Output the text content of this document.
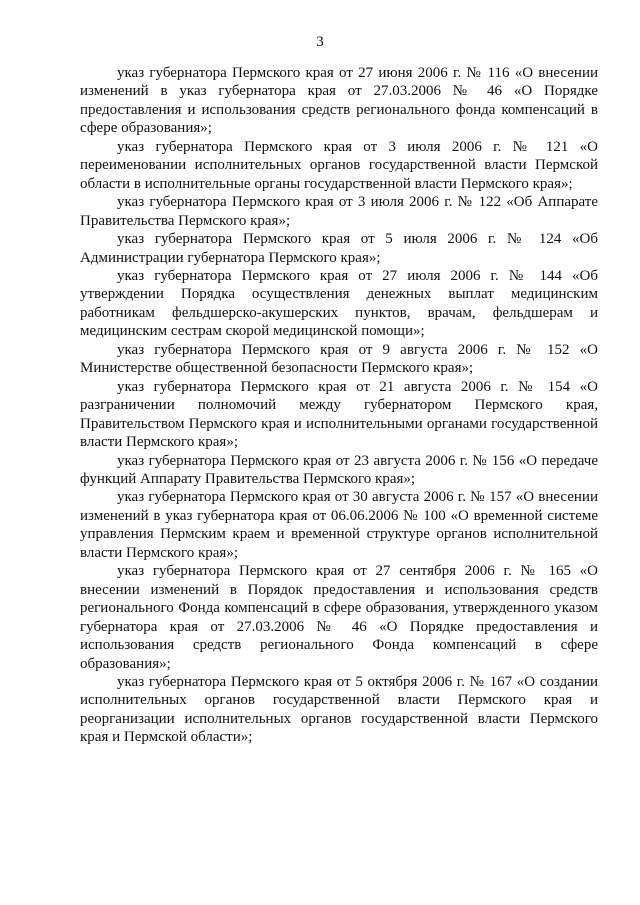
3

указ губернатора Пермского края от 27 июня 2006 г. № 116 «О внесении изменений в указ губернатора края от 27.03.2006 № 46 «О Порядке предоставления и использования средств регионального фонда компенсаций в сфере образования»;

указ губернатора Пермского края от 3 июля 2006 г. № 121 «О переименовании исполнительных органов государственной власти Пермской области в исполнительные органы государственной власти Пермского края»;

указ губернатора Пермского края от 3 июля 2006 г. № 122 «Об Аппарате Правительства Пермского края»;

указ губернатора Пермского края от 5 июля 2006 г. № 124 «Об Администрации губернатора Пермского края»;

указ губернатора Пермского края от 27 июля 2006 г. № 144 «Об утверждении Порядка осуществления денежных выплат медицинским работникам фельдшерско-акушерских пунктов, врачам, фельдшерам и медицинским сестрам скорой медицинской помощи»;

указ губернатора Пермского края от 9 августа 2006 г. № 152 «О Министерстве общественной безопасности Пермского края»;

указ губернатора Пермского края от 21 августа 2006 г. № 154 «О разграничении полномочий между губернатором Пермского края, Правительством Пермского края и исполнительными органами государственной власти Пермского края»;

указ губернатора Пермского края от 23 августа 2006 г. № 156 «О передаче функций Аппарату Правительства Пермского края»;

указ губернатора Пермского края от 30 августа 2006 г. № 157 «О внесении изменений в указ губернатора края от 06.06.2006 № 100 «О временной системе управления Пермским краем и временной структуре органов исполнительной власти Пермского края»;

указ губернатора Пермского края от 27 сентября 2006 г. № 165 «О внесении изменений в Порядок предоставления и использования средств регионального Фонда компенсаций в сфере образования, утвержденного указом губернатора края от 27.03.2006 № 46 «О Порядке предоставления и использования средств регионального Фонда компенсаций в сфере образования»;

указ губернатора Пермского края от 5 октября 2006 г. № 167 «О создании исполнительных органов государственной власти Пермского края и реорганизации исполнительных органов государственной власти Пермского края и Пермской области»;
